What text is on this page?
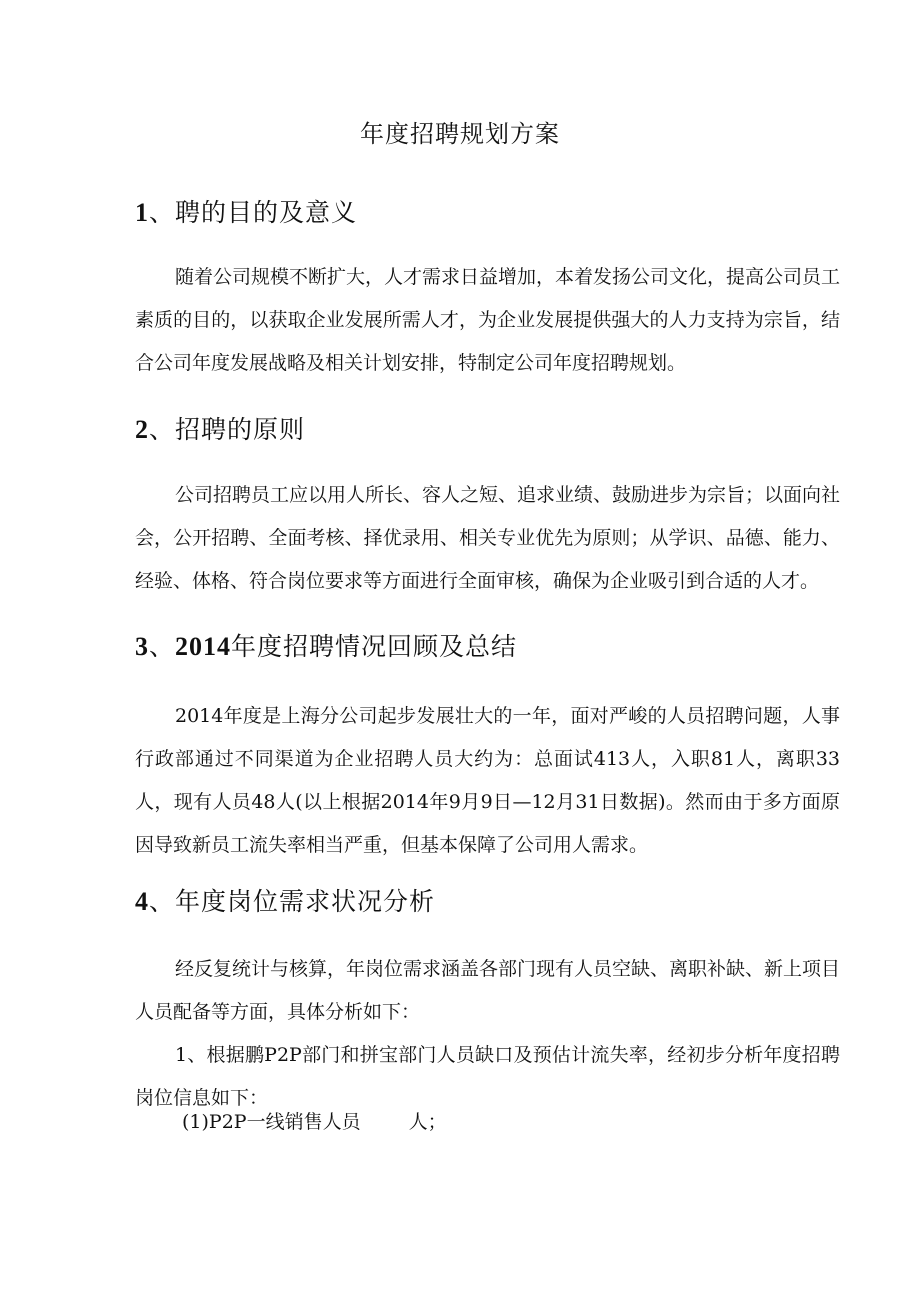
年度招聘规划方案
1、聘的目的及意义

随着公司规模不断扩大，人才需求日益增加，本着发扬公司文化，提高公司员工素质的目的，以获取企业发展所需人才，为企业发展提供强大的人力支持为宗旨，结合公司年度发展战略及相关计划安排，特制定公司年度招聘规划。

2、招聘的原则

公司招聘员工应以用人所长、容人之短、追求业绩、鼓励进步为宗旨；以面向社会，公开招聘、全面考核、择优录用、相关专业优先为原则；从学识、品德、能力、经验、体格、符合岗位要求等方面进行全面审核，确保为企业吸引到合适的人才。

3、2014年度招聘情况回顾及总结

2014年度是上海分公司起步发展壮大的一年，面对严峻的人员招聘问题，人事行政部通过不同渠道为企业招聘人员大约为：总面试413人，入职81人，离职33人，现有人员48人(以上根据2014年9月9日—12月31日数据)。然而由于多方面原因导致新员工流失率相当严重，但基本保障了公司用人需求。

4、年度岗位需求状况分析

经反复统计与核算，年岗位需求涵盖各部门现有人员空缺、离职补缺、新上项目人员配备等方面，具体分析如下：

1、根据鹏P2P部门和拼宝部门人员缺口及预估计流失率，经初步分析年度招聘岗位信息如下：

(1)P2P一线销售人员	人；
